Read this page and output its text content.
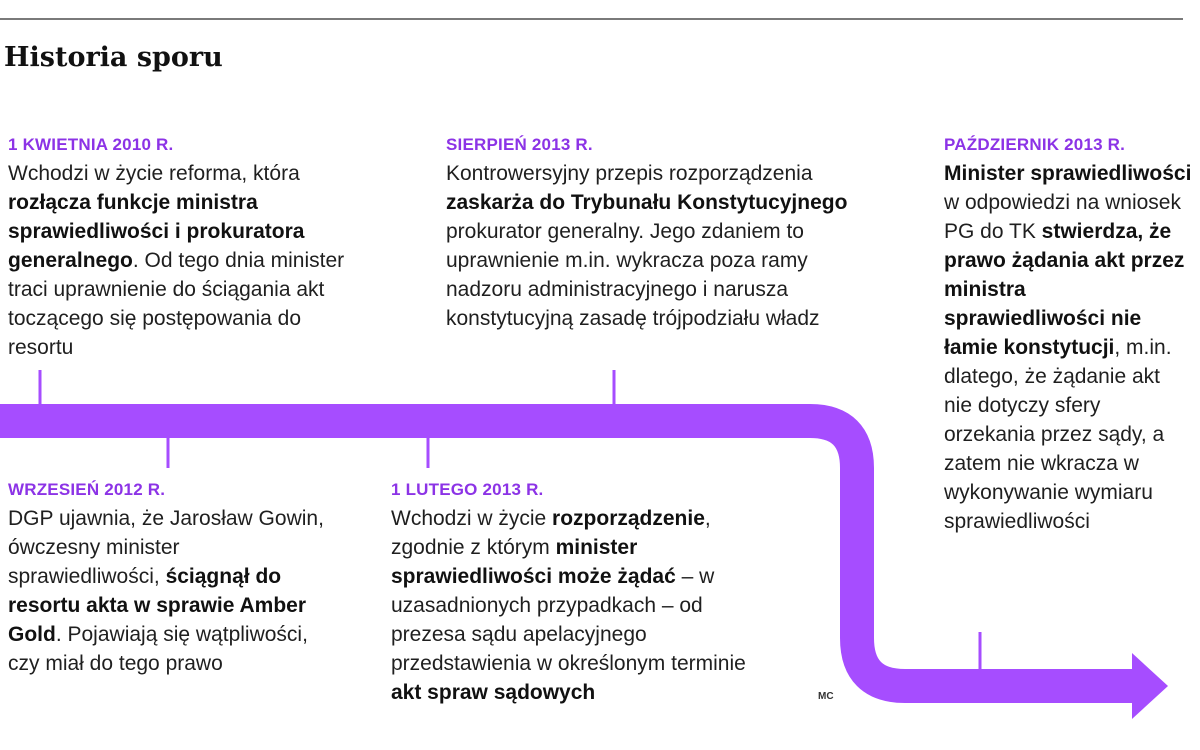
Historia sporu
1 KWIETNIA 2010 R.
Wchodzi w życie reforma, która rozłącza funkcje ministra sprawiedliwości i prokuratora generalnego. Od tego dnia minister traci uprawnienie do ściągania akt toczącego się postępowania do resortu
WRZESIEŃ 2012 R.
DGP ujawnia, że Jarosław Gowin, ówczesny minister sprawiedliwości, ściągnął do resortu akta w sprawie Amber Gold. Pojawiają się wątpliwości, czy miał do tego prawo
1 LUTEGO 2013 R.
Wchodzi w życie rozporządzenie, zgodnie z którym minister sprawiedliwości może żądać – w uzasadnionych przypadkach – od prezesa sądu apelacyjnego przedstawienia w określonym terminie akt spraw sądowych
SIERPIEŃ 2013 R.
Kontrowersyjny przepis rozporządzenia zaskarża do Trybunału Konstytucyjnego prokurator generalny. Jego zdaniem to uprawnienie m.in. wykracza poza ramy nadzoru administracyjnego i narusza konstytucyjną zasadę trójpodziału władz
PAŹDZIERNIK 2013 R.
Minister sprawiedliwości w odpowiedzi na wniosek PG do TK stwierdza, że prawo żądania akt przez ministra sprawiedliwości nie łamie konstytucji, m.in. dlatego, że żądanie akt nie dotyczy sfery orzekania przez sądy, a zatem nie wkracza w wykonywanie wymiaru sprawiedliwości
MC
